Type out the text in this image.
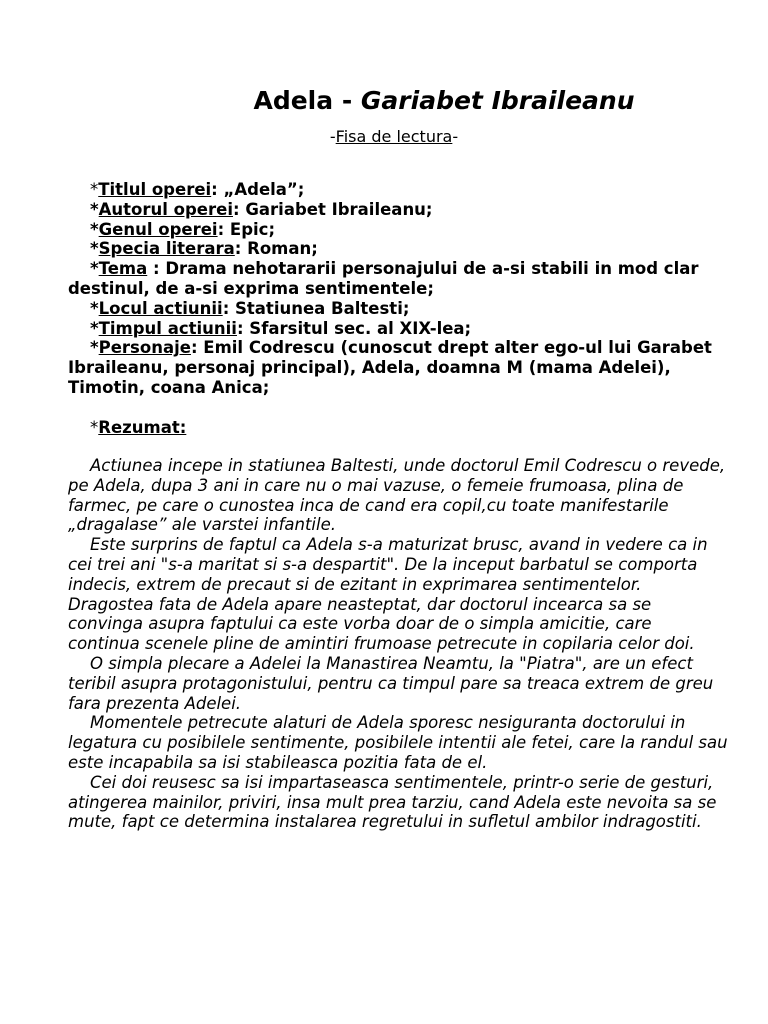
Adela - Gariabet Ibraileanu
-Fisa de lectura-

*Titlul operei: „Adela”;

*Autorul operei: Gariabet Ibraileanu;

*Genul operei: Epic;

*Specia literara: Roman;

*Tema : Drama nehotararii personajului de a-si stabili in mod clar destinul, de a-si exprima sentimentele;

*Locul actiunii: Statiunea Baltesti;

*Timpul actiunii: Sfarsitul sec. al XIX-lea;

*Personaje: Emil Codrescu (cunoscut drept alter ego-ul lui Garabet Ibraileanu, personaj principal), Adela, doamna M (mama Adelei), Timotin, coana Anica;

*Rezumat:

Actiunea incepe in statiunea Baltesti, unde doctorul Emil Codrescu o revede, pe Adela, dupa 3 ani in care nu o mai vazuse, o femeie frumoasa, plina de farmec, pe care o cunostea inca de cand era copil,cu toate manifestarile „dragalase” ale varstei infantile.

Este surprins de faptul ca Adela s-a maturizat brusc, avand in vedere ca in cei trei ani "s-a maritat si s-a despartit". De la inceput barbatul se comporta indecis, extrem de precaut si de ezitant in exprimarea sentimentelor. Dragostea fata de Adela apare neasteptat, dar doctorul incearca sa se convinga asupra faptului ca este vorba doar de o simpla amicitie, care continua scenele pline de amintiri frumoase petrecute in copilaria celor doi.

O simpla plecare a Adelei la Manastirea Neamtu, la "Piatra", are un efect teribil asupra protagonistului, pentru ca timpul pare sa treaca extrem de greu fara prezenta Adelei.

Momentele petrecute alaturi de Adela sporesc nesiguranta doctorului in legatura cu posibilele sentimente, posibilele intentii ale fetei, care la randul sau este incapabila sa isi stabileasca pozitia fata de el.

Cei doi reusesc sa isi impartaseasca sentimentele, printr-o serie de gesturi, atingerea mainilor, priviri, insa mult prea tarziu, cand Adela este nevoita sa se mute, fapt ce determina instalarea regretului in sufletul ambilor indragostiti.
